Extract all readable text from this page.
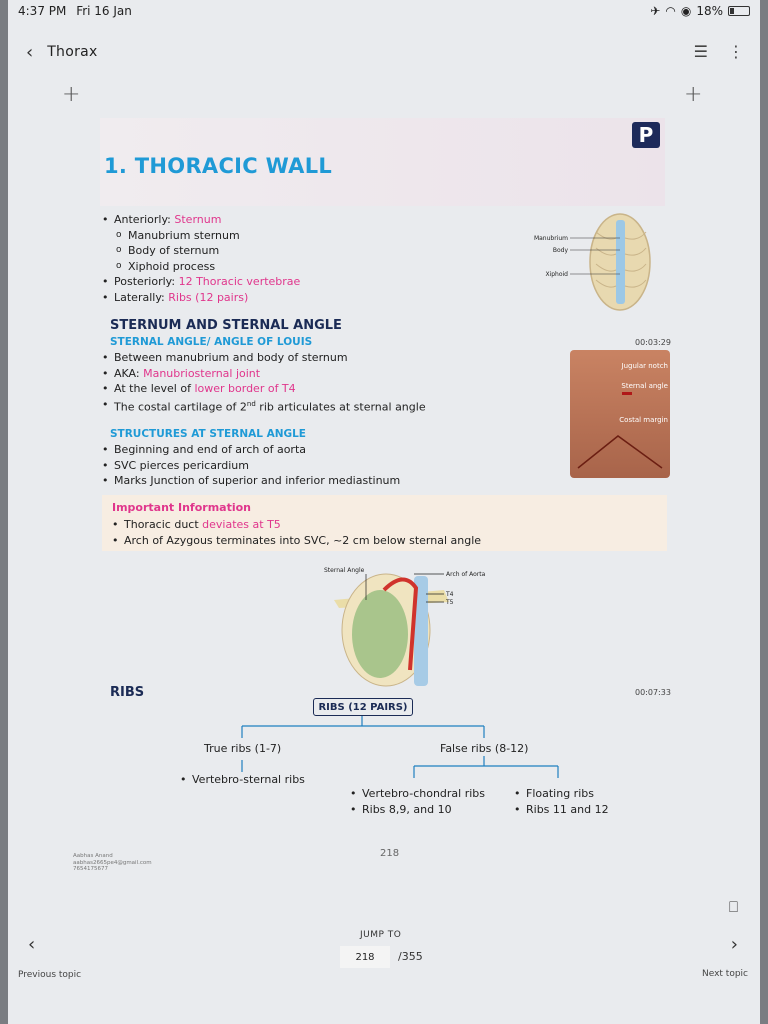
4:37 PM Fri 16 Jan	✈ ◠ ◉ 18%
‹ Thorax	☰ ⋮
+	+
1. THORACIC WALL
P
• Anteriorly: Sternum
o Manubrium sternum
o Body of sternum
o Xiphoid process
• Posteriorly: 12 Thoracic vertebrae
• Laterally: Ribs (12 pairs)
Manubrium
Body
Xiphoid
STERNUM AND STERNAL ANGLE
STERNAL ANGLE/ ANGLE OF LOUIS	00:03:29
• Between manubrium and body of sternum
• AKA: Manubriosternal joint
• At the level of lower border of T4
• The costal cartilage of 2nd rib articulates at sternal angle
Jugular notch
Sternal angle
Costal margin
STRUCTURES AT STERNAL ANGLE
• Beginning and end of arch of aorta
• SVC pierces pericardium
• Marks Junction of superior and inferior mediastinum
Important Information
• Thoracic duct deviates at T5
• Arch of Azygous terminates into SVC, ~2 cm below sternal angle
Sternal Angle
Arch of Aorta
T4
T5
RIBS	00:07:33
RIBS (12 PAIRS)
True ribs (1-7)	False ribs (8-12)
• Vertebro-sternal ribs
• Vertebro-chondral ribs
• Ribs 8,9, and 10
• Floating ribs
• Ribs 11 and 12
218
Aabhas Anand
aabhas2665pe4@gmail.com
7654175677
⎕
‹	›
Previous topic	Next topic
JUMP TO
218
/355
